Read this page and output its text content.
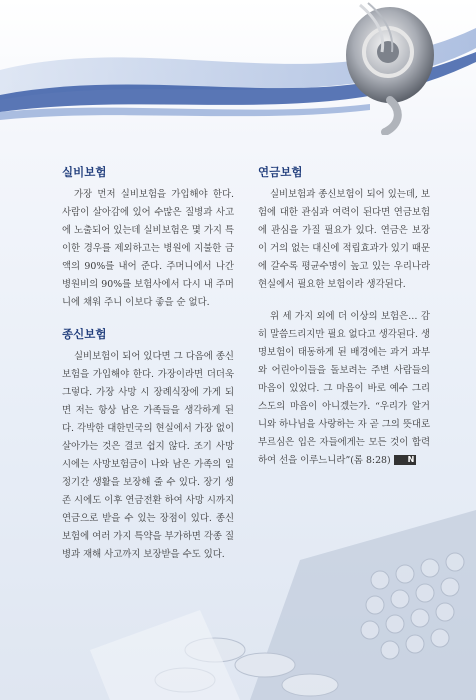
실비보험

가장 먼저 실비보험을 가입해야 한다. 사람이 살아감에 있어 수많은 질병과 사고에 노출되어 있는데 실비보험은 몇 가지 특이한 경우를 제외하고는 병원에 지불한 금액의 90%를 내어 준다. 주머니에서 나간 병원비의 90%를 보험사에서 다시 내 주머니에 채워 주니 이보다 좋을 순 없다.

종신보험

실비보험이 되어 있다면 그 다음에 종신보험을 가입해야 한다. 가장이라면 더더욱 그렇다. 가장 사망 시 장례식장에 가게 되면 저는 항상 남은 가족들을 생각하게 된다. 각박한 대한민국의 현실에서 가장 없이 살아가는 것은 결코 쉽지 않다. 조기 사망 시에는 사망보험금이 나와 남은 가족의 일정기간 생활을 보장해 줄 수 있다. 장기 생존 시에도 이후 연금전환 하여 사망 시까지 연금으로 받을 수 있는 장점이 있다. 종신보험에 여러 가지 특약을 부가하면 각종 질병과 재해 사고까지 보장받을 수도 있다.

연금보험

실비보험과 종신보험이 되어 있는데, 보험에 대한 관심과 여력이 된다면 연금보험에 관심을 가질 필요가 있다. 연금은 보장이 거의 없는 대신에 적립효과가 있기 때문에 갈수록 평균수명이 높고 있는 우리나라 현실에서 필요한 보험이라 생각된다.

위 세 가지 외에 더 이상의 보험은… 감히 말씀드리지만 필요 없다고 생각된다. 생명보험이 태동하게 된 배경에는 과거 과부와 어린아이들을 돌보려는 주변 사람들의 마음이 있었다. 그 마음이 바로 예수 그리스도의 마음이 아니겠는가. “우리가 알거니와 하나님을 사랑하는 자 곧 그의 뜻대로 부르심은 입은 자들에게는 모든 것이 합력하여 선을 이루느니라”(롬 8:28) N
